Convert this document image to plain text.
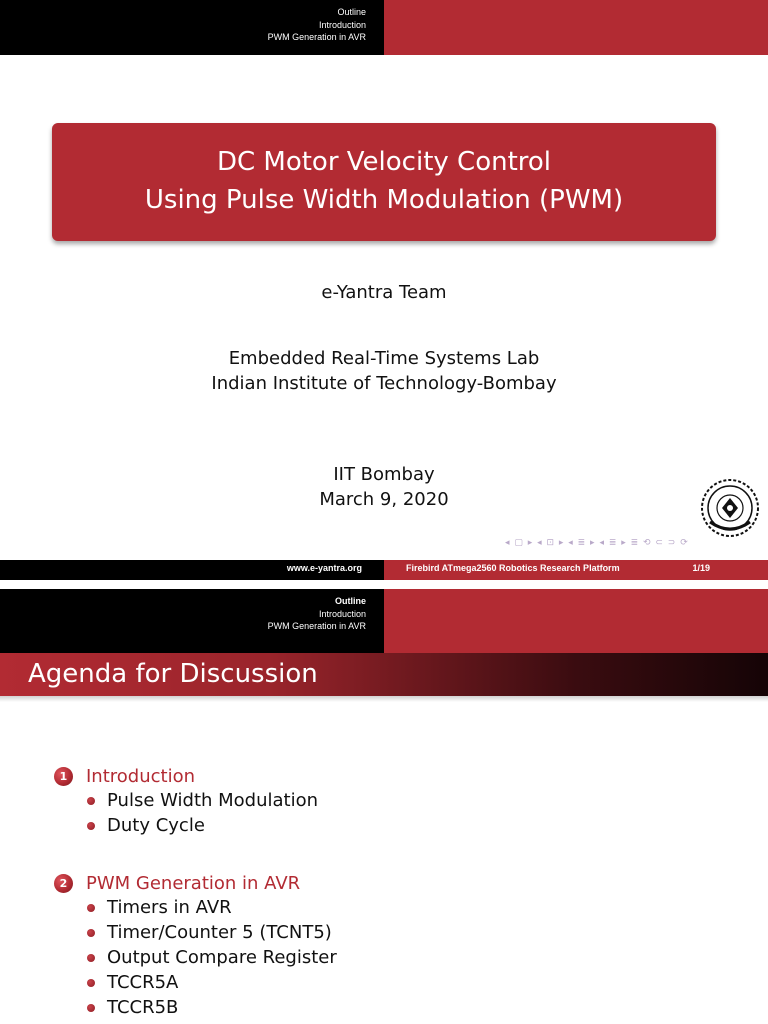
Outline
Introduction
PWM Generation in AVR
DC Motor Velocity Control
Using Pulse Width Modulation (PWM)
e-Yantra Team
Embedded Real-Time Systems Lab
Indian Institute of Technology-Bombay
IIT Bombay
March 9, 2020
◂ ▢ ▸ ◂ ⊡ ▸ ◂ ≣ ▸ ◂ ≣ ▸ ≣ ⟲ ⊂ ⊃ ⟳
www.e-yantra.org	Firebird ATmega2560 Robotics Research Platform	1/19
Outline
Introduction
PWM Generation in AVR
Agenda for Discussion
1	Introduction
Pulse Width Modulation
Duty Cycle
2	PWM Generation in AVR
Timers in AVR
Timer/Counter 5 (TCNT5)
Output Compare Register
TCCR5A
TCCR5B
